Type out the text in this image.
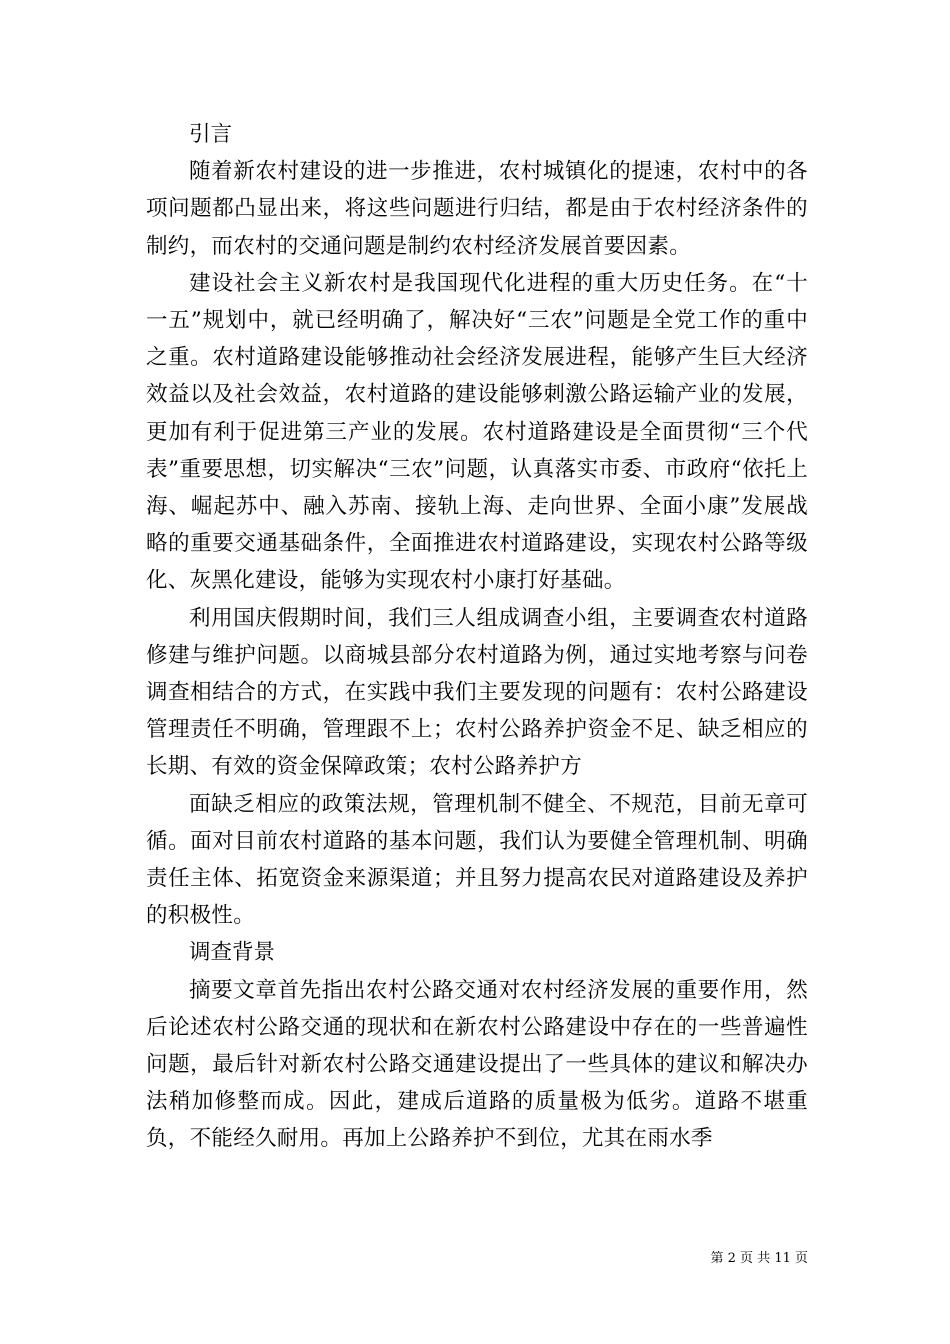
引言

随着新农村建设的进一步推进，农村城镇化的提速，农村中的各项问题都凸显出来，将这些问题进行归结，都是由于农村经济条件的制约，而农村的交通问题是制约农村经济发展首要因素。

建设社会主义新农村是我国现代化进程的重大历史任务。在“十一五”规划中，就已经明确了，解决好“三农”问题是全党工作的重中之重。农村道路建设能够推动社会经济发展进程，能够产生巨大经济效益以及社会效益，农村道路的建设能够刺激公路运输产业的发展，更加有利于促进第三产业的发展。农村道路建设是全面贯彻“三个代表”重要思想，切实解决“三农”问题，认真落实市委、市政府“依托上海、崛起苏中、融入苏南、接轨上海、走向世界、全面小康”发展战略的重要交通基础条件，全面推进农村道路建设，实现农村公路等级化、灰黑化建设，能够为实现农村小康打好基础。

利用国庆假期时间，我们三人组成调查小组，主要调查农村道路修建与维护问题。以商城县部分农村道路为例，通过实地考察与问卷调查相结合的方式，在实践中我们主要发现的问题有：农村公路建设管理责任不明确，管理跟不上；农村公路养护资金不足、缺乏相应的长期、有效的资金保障政策；农村公路养护方

面缺乏相应的政策法规，管理机制不健全、不规范，目前无章可循。面对目前农村道路的基本问题，我们认为要健全管理机制、明确责任主体、拓宽资金来源渠道；并且努力提高农民对道路建设及养护的积极性。

调查背景

摘要文章首先指出农村公路交通对农村经济发展的重要作用，然后论述农村公路交通的现状和在新农村公路建设中存在的一些普遍性问题，最后针对新农村公路交通建设提出了一些具体的建议和解决办法稍加修整而成。因此，建成后道路的质量极为低劣。道路不堪重负，不能经久耐用。再加上公路养护不到位，尤其在雨水季

第 2 页 共 11 页
